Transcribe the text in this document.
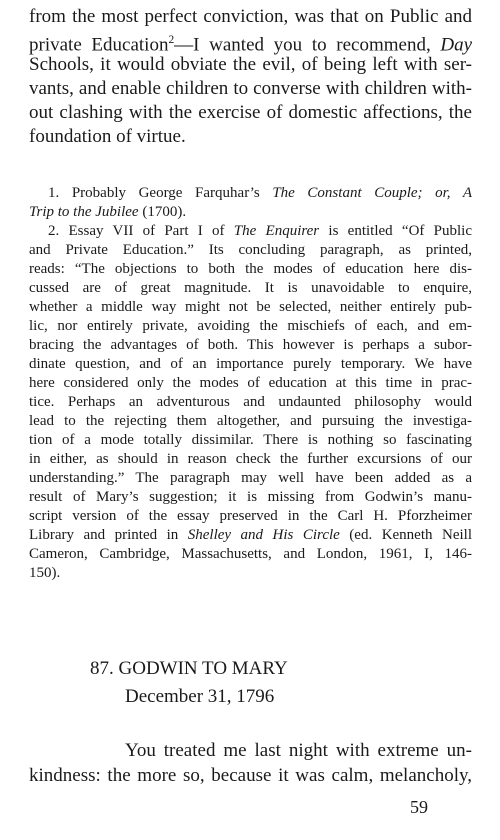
from the most perfect conviction, was that on Public and

private Education$^2$—I wanted you to recommend, Day

Schools, it would obviate the evil, of being left with ser-

vants, and enable children to converse with children with-

out clashing with the exercise of domestic affections, the

foundation of virtue.

1. Probably George Farquhar’s The Constant Couple; or, A

Trip to the Jubilee (1700).

2. Essay VII of Part I of The Enquirer is entitled “Of Public

and Private Education.” Its concluding paragraph, as printed,

reads: “The objections to both the modes of education here dis-

cussed are of great magnitude. It is unavoidable to enquire,

whether a middle way might not be selected, neither entirely pub-

lic, nor entirely private, avoiding the mischiefs of each, and em-

bracing the advantages of both. This however is perhaps a subor-

dinate question, and of an importance purely temporary. We have

here considered only the modes of education at this time in prac-

tice. Perhaps an adventurous and undaunted philosophy would

lead to the rejecting them altogether, and pursuing the investiga-

tion of a mode totally dissimilar. There is nothing so fascinating

in either, as should in reason check the further excursions of our

understanding.” The paragraph may well have been added as a

result of Mary’s suggestion; it is missing from Godwin’s manu-

script version of the essay preserved in the Carl H. Pforzheimer

Library and printed in Shelley and His Circle (ed. Kenneth Neill

Cameron, Cambridge, Massachusetts, and London, 1961, I, 146-

150).

87. GODWIN TO MARY

December 31, 1796

You treated me last night with extreme un-

kindness: the more so, because it was calm, melancholy,

59
